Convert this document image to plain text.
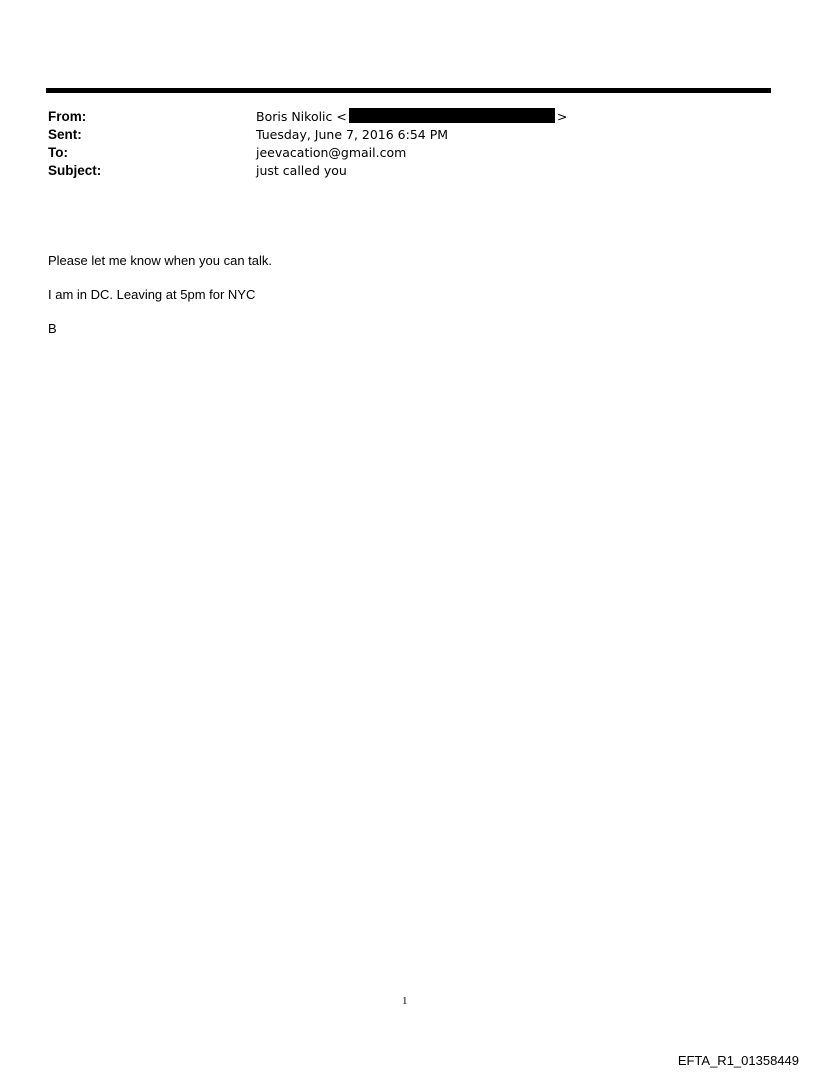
From:	Boris Nikolic <	>
Sent:	Tuesday, June 7, 2016 6:54 PM
To:	jeevacation@gmail.com
Subject:	just called you

Please let me know when you can talk.

I am in DC. Leaving at 5pm for NYC

B

1
EFTA_R1_01358449
